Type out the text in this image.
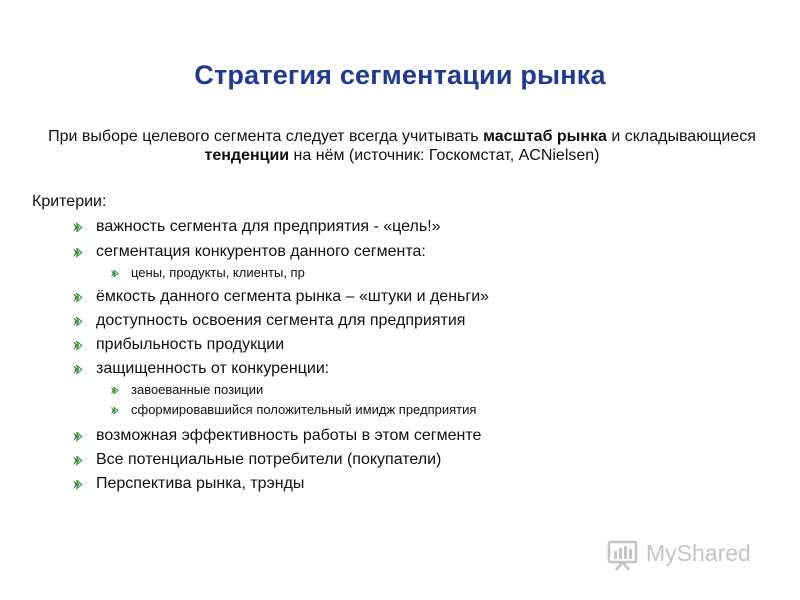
Стратегия сегментации рынка
При выборе целевого сегмента следует всегда учитывать масштаб рынка и складывающиеся тенденции на нём (источник: Госкомстат, ACNielsen)
Критерии:
важность сегмента для предприятия - «цель!»
сегментация конкурентов данного сегмента:
цены, продукты, клиенты, пр
ёмкость данного сегмента рынка – «штуки и деньги»
доступность освоения сегмента для предприятия
прибыльность продукции
защищенность от конкуренции:
завоеванные позиции
сформировавшийся положительный имидж предприятия
возможная эффективность работы в этом сегменте
Все потенциальные потребители (покупатели)
Перспектива рынка, трэнды
MyShared
